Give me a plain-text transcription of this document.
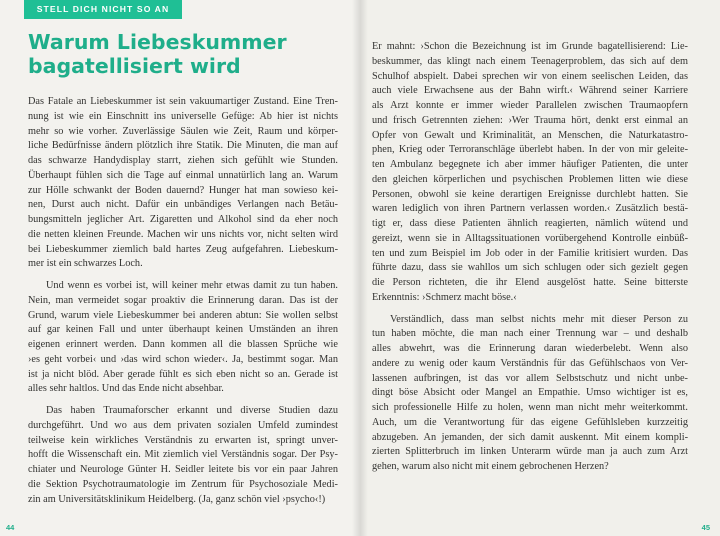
STELL DICH NICHT SO AN
Warum Liebeskummer
bagatellisiert wird
Das Fatale an Liebeskummer ist sein vakuumartiger Zustand. Eine Tren-
nung ist wie ein Einschnitt ins universelle Gefüge: Ab hier ist nichts
mehr so wie vorher. Zuverlässige Säulen wie Zeit, Raum und körper-
liche Bedürfnisse ändern plötzlich ihre Statik. Die Minuten, die man auf
das schwarze Handydisplay starrt, ziehen sich gefühlt wie Stunden.
Überhaupt fühlen sich die Tage auf einmal unnatürlich lang an. Warum
zur Hölle schwankt der Boden dauernd? Hunger hat man sowieso kei-
nen, Durst auch nicht. Dafür ein unbändiges Verlangen nach Betäu-
bungsmitteln jeglicher Art. Zigaretten und Alkohol sind da eher noch
die netten kleinen Freunde. Machen wir uns nichts vor, nicht selten wird
bei Liebeskummer ziemlich bald hartes Zeug aufgefahren. Liebeskum-
mer ist ein schwarzes Loch.
Und wenn es vorbei ist, will keiner mehr etwas damit zu tun haben.
Nein, man vermeidet sogar proaktiv die Erinnerung daran. Das ist der
Grund, warum viele Liebeskummer bei anderen abtun: Sie wollen selbst
auf gar keinen Fall und unter überhaupt keinen Umständen an ihren
eigenen erinnert werden. Dann kommen all die blassen Sprüche wie
›es geht vorbei‹ und ›das wird schon wieder‹. Ja, bestimmt sogar. Man
ist ja nicht blöd. Aber gerade fühlt es sich eben nicht so an. Gerade ist
alles sehr haltlos. Und das Ende nicht absehbar.
Das haben Traumaforscher erkannt und diverse Studien dazu
durchgeführt. Und wo aus dem privaten sozialen Umfeld zumindest
teilweise kein wirkliches Verständnis zu erwarten ist, springt unver-
hofft die Wissenschaft ein. Mit ziemlich viel Verständnis sogar. Der Psy-
chiater und Neurologe Günter H. Seidler leitete bis vor ein paar Jahren
die Sektion Psychotraumatologie im Zentrum für Psychosoziale Medi-
zin am Universitätsklinikum Heidelberg. (Ja, ganz schön viel ›psycho‹!)
44	45
Er mahnt: ›Schon die Bezeichnung ist im Grunde bagatellisierend: Lie-
beskummer, das klingt nach einem Teenagerproblem, das sich auf dem
Schulhof abspielt. Dabei sprechen wir von einem seelischen Leiden, das
auch viele Erwachsene aus der Bahn wirft.‹ Während seiner Karriere
als Arzt konnte er immer wieder Parallelen zwischen Traumaopfern
und frisch Getrennten ziehen: ›Wer Trauma hört, denkt erst einmal an
Opfer von Gewalt und Kriminalität, an Menschen, die Naturkatastro-
phen, Krieg oder Terroranschläge überlebt haben. In der von mir geleite-
ten Ambulanz begegnete ich aber immer häufiger Patienten, die unter
den gleichen körperlichen und psychischen Problemen litten wie diese
Personen, obwohl sie keine derartigen Ereignisse durchlebt hatten. Sie
waren lediglich von ihren Partnern verlassen worden.‹ Zusätzlich bestä-
tigt er, dass diese Patienten ähnlich reagierten, nämlich wütend und
gereizt, wenn sie in Alltagssituationen vorübergehend Kontrolle einbüß-
ten und zum Beispiel im Job oder in der Familie kritisiert wurden. Das
führte dazu, dass sie wahllos um sich schlugen oder sich gezielt gegen
die Person richteten, die ihr Elend ausgelöst hatte. Seine bitterste
Erkenntnis: ›Schmerz macht böse.‹
Verständlich, dass man selbst nichts mehr mit dieser Person zu
tun haben möchte, die man nach einer Trennung war – und deshalb
alles abwehrt, was die Erinnerung daran wiederbelebt. Wenn also
andere zu wenig oder kaum Verständnis für das Gefühlschaos von Ver-
lassenen aufbringen, ist das vor allem Selbstschutz und nicht unbe-
dingt böse Absicht oder Mangel an Empathie. Umso wichtiger ist es,
sich professionelle Hilfe zu holen, wenn man nicht mehr weiterkommt.
Auch, um die Verantwortung für das eigene Gefühlsleben kurzzeitig
abzugeben. An jemanden, der sich damit auskennt. Mit einem kompli-
zierten Splitterbruch im linken Unterarm würde man ja auch zum Arzt
gehen, warum also nicht mit einem gebrochenen Herzen?
